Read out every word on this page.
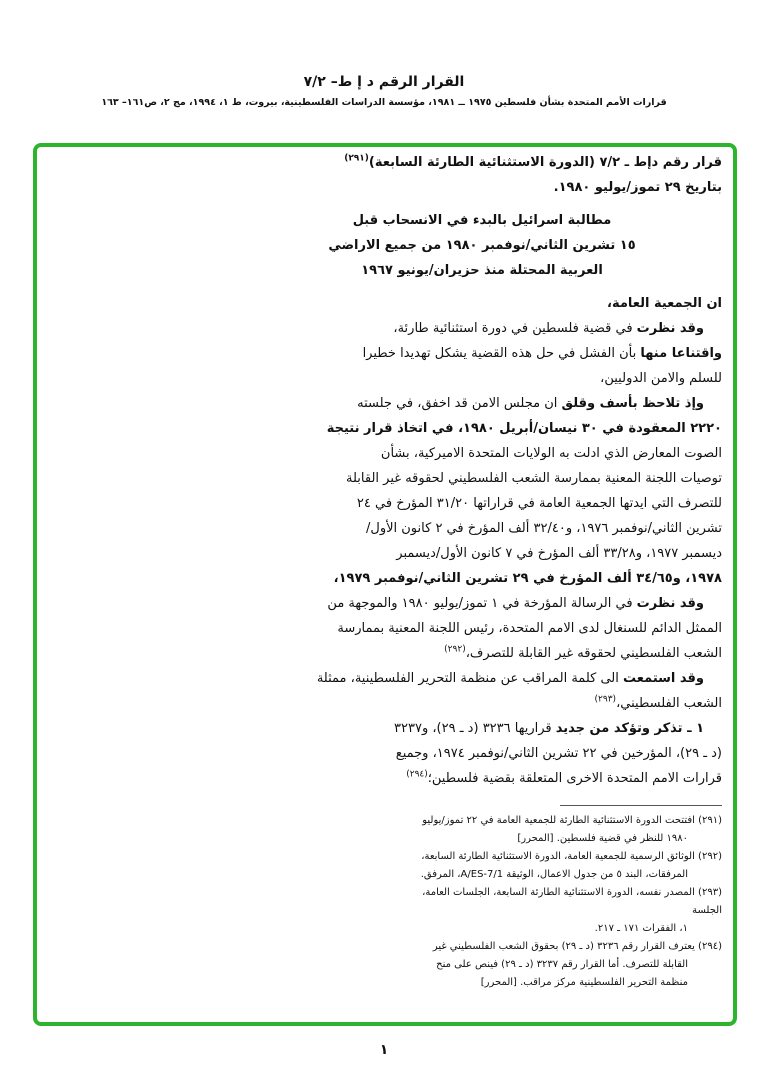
القرار الرقم د إ ط– ٧/٢
قرارات الأمم المتحدة بشأن فلسطين ١٩٧٥ ــ ١٩٨١، مؤسسة الدراسات الفلسطينية، بيروت، ط ١، ١٩٩٤، مج ٢، ص١٦١– ١٦٣
قرار رقم دإط ـ ٧/٢ (الدورة الاستثنائية الطارئة السابعة)$^{(٢٩١)}$
بتاريخ ٢٩ تموز/يوليو ١٩٨٠.
مطالبة اسرائيل بالبدء في الانسحاب قبل
١٥ تشرين الثاني/نوفمبر ١٩٨٠ من جميع الاراضي
العربية المحتلة منذ حزيران/يونيو ١٩٦٧
ان الجمعية العامة،
وقد نظرت في قضية فلسطين في دورة استثنائية طارئة،
واقتناعا منها بأن الفشل في حل هذه القضية يشكل تهديدا خطيرا
للسلم والامن الدوليين،
وإذ تلاحظ بأسف وقلق ان مجلس الامن قد اخفق، في جلسته
٢٢٢٠ المعقودة في ٣٠ نيسان/أبريل ١٩٨٠، في اتخاذ قرار نتيجة
الصوت المعارض الذي ادلت به الولايات المتحدة الاميركية، بشأن
توصيات اللجنة المعنية بممارسة الشعب الفلسطيني لحقوقه غير القابلة
للتصرف التي ايدتها الجمعية العامة في قراراتها ٣١/٢٠ المؤرخ في ٢٤
تشرين الثاني/نوفمبر ١٩٧٦، و٣٢/٤٠ ألف المؤرخ في ٢ كانون الأول/
ديسمبر ١٩٧٧، و٣٣/٢٨ ألف المؤرخ في ٧ كانون الأول/ديسمبر
١٩٧٨، و٣٤/٦٥ ألف المؤرخ في ٢٩ تشرين الثاني/نوفمبر ١٩٧٩،
وقد نظرت في الرسالة المؤرخة في ١ تموز/يوليو ١٩٨٠ والموجهة من
الممثل الدائم للسنغال لدى الامم المتحدة، رئيس اللجنة المعنية بممارسة
الشعب الفلسطيني لحقوقه غير القابلة للتصرف،$^{(٢٩٢)}$
وقد استمعت الى كلمة المراقب عن منظمة التحرير الفلسطينية، ممثلة
الشعب الفلسطيني،$^{(٢٩٣)}$
١ ـ تذكر وتؤكد من جديد قراريها ٣٢٣٦ (د ـ ٢٩)، و٣٢٣٧
(د ـ ٢٩)، المؤرخين في ٢٢ تشرين الثاني/نوفمبر ١٩٧٤، وجميع
قرارات الامم المتحدة الاخرى المتعلقة بقضية فلسطين؛$^{(٢٩٤)}$
(٢٩١) افتتحت الدورة الاستثنائية الطارئة للجمعية العامة في ٢٢ تموز/يوليو
١٩٨٠ للنظر في قضية فلسطين. [المحرر]
(٢٩٢) الوثائق الرسمية للجمعية العامة، الدورة الاستثنائية الطارئة السابعة،
المرفقات، البند ٥ من جدول الاعمال، الوثيقة A/ES-7/1، المرفق.
(٢٩٣) المصدر نفسه، الدورة الاستثنائية الطارئة السابعة، الجلسات العامة، الجلسة
١، الفقرات ١٧١ ـ ٢١٧.
(٢٩٤) يعترف القرار رقم ٣٢٣٦ (د ـ ٢٩) بحقوق الشعب الفلسطيني غير
القابلة للتصرف. أما القرار رقم ٣٢٣٧ (د ـ ٢٩) فينص على منح
منظمة التحرير الفلسطينية مركز مراقب. [المحرر]
١
